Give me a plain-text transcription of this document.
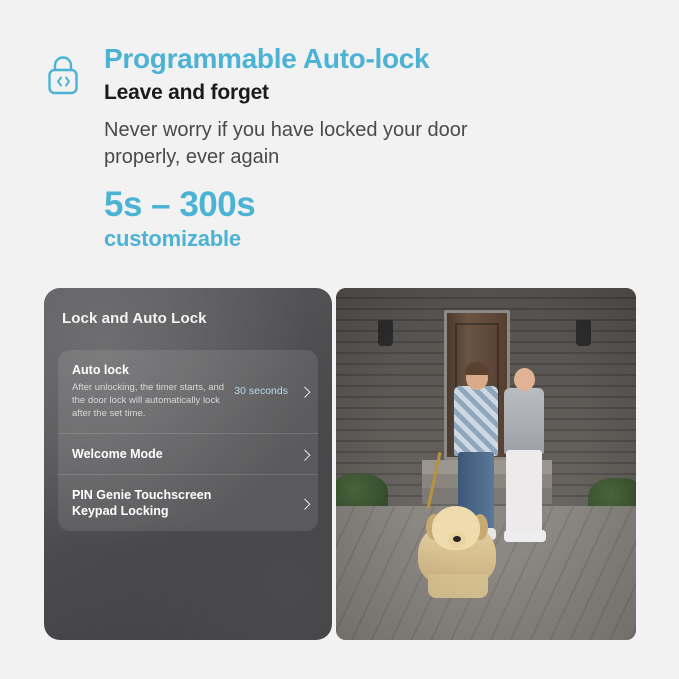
Programmable Auto-lock
Leave and forget

Never worry if you have locked your door properly, ever again

5s – 300s

customizable

Lock and Auto Lock
Auto lock
After unlocking, the timer starts, and the door lock will automatically lock after the set time.
30 seconds
Welcome Mode
PIN Genie Touchscreen Keypad Locking
